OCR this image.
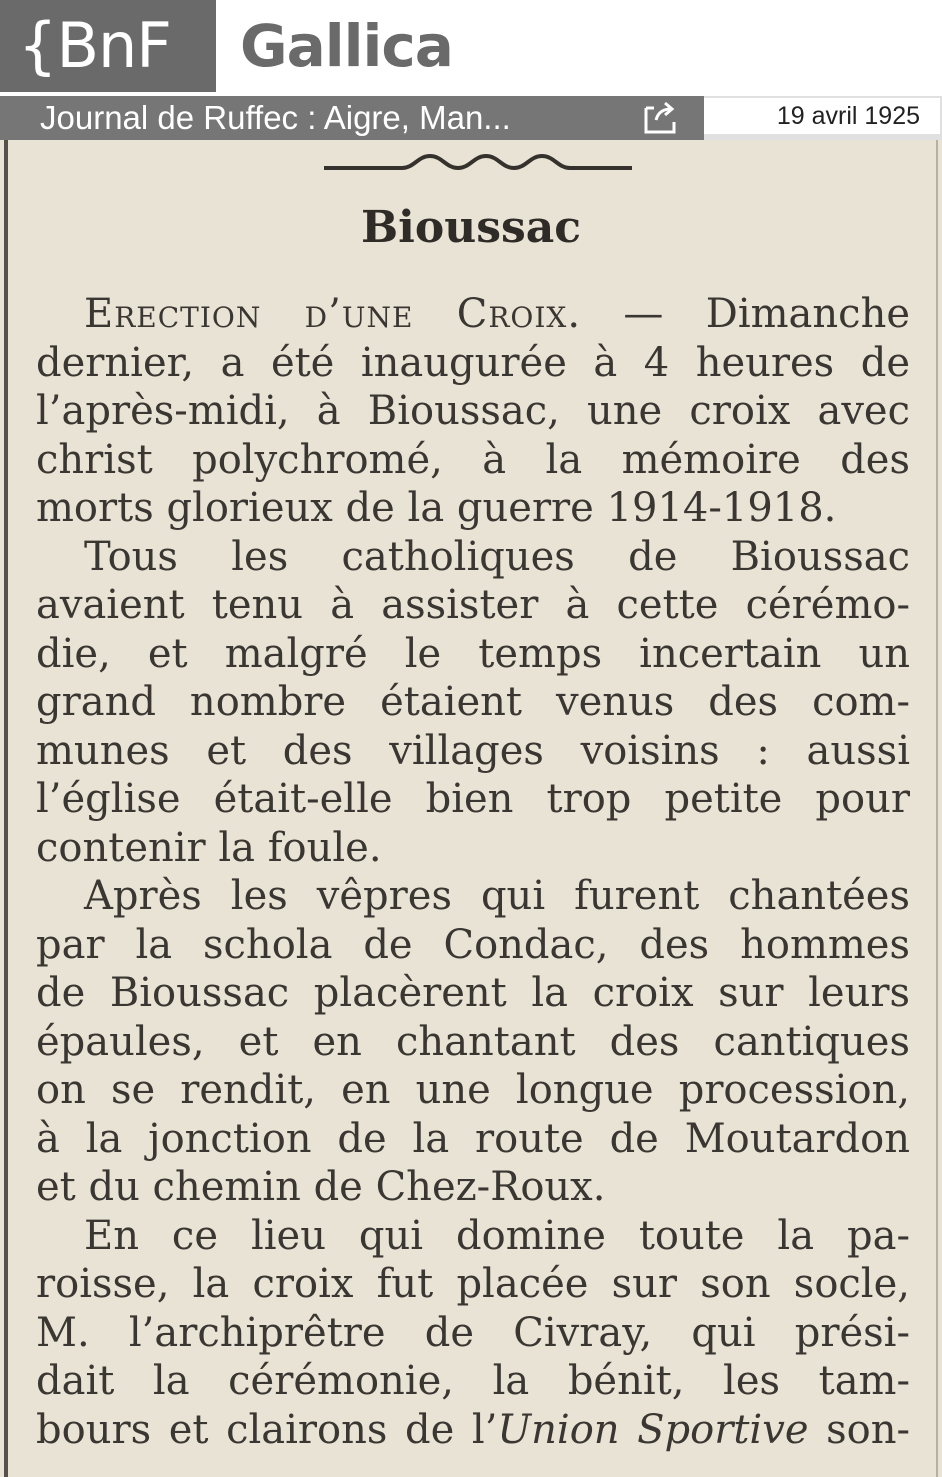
{BnF	Gallica
Journal de Ruffec : Aigre, Man...	19 avril 1925
Bioussac
Erection d’une Croix. — Dimanche
dernier, a été inaugurée à 4 heures de
l’après-midi, à Bioussac, une croix avec
christ polychromé, à la mémoire des
morts glorieux de la guerre 1914-1918.
Tous les catholiques de Bioussac
avaient tenu à assister à cette cérémo-
die, et malgré le temps incertain un
grand nombre étaient venus des com-
munes et des villages voisins : aussi
l’église était-elle bien trop petite pour
contenir la foule.
Après les vêpres qui furent chantées
par la schola de Condac, des hommes
de Bioussac placèrent la croix sur leurs
épaules, et en chantant des cantiques
on se rendit, en une longue procession,
à la jonction de la route de Moutardon
et du chemin de Chez-Roux.
En ce lieu qui domine toute la pa-
roisse, la croix fut placée sur son socle,
M. l’archiprêtre de Civray, qui prési-
dait la cérémonie, la bénit, les tam-
bours et clairons de l’Union Sportive son-
